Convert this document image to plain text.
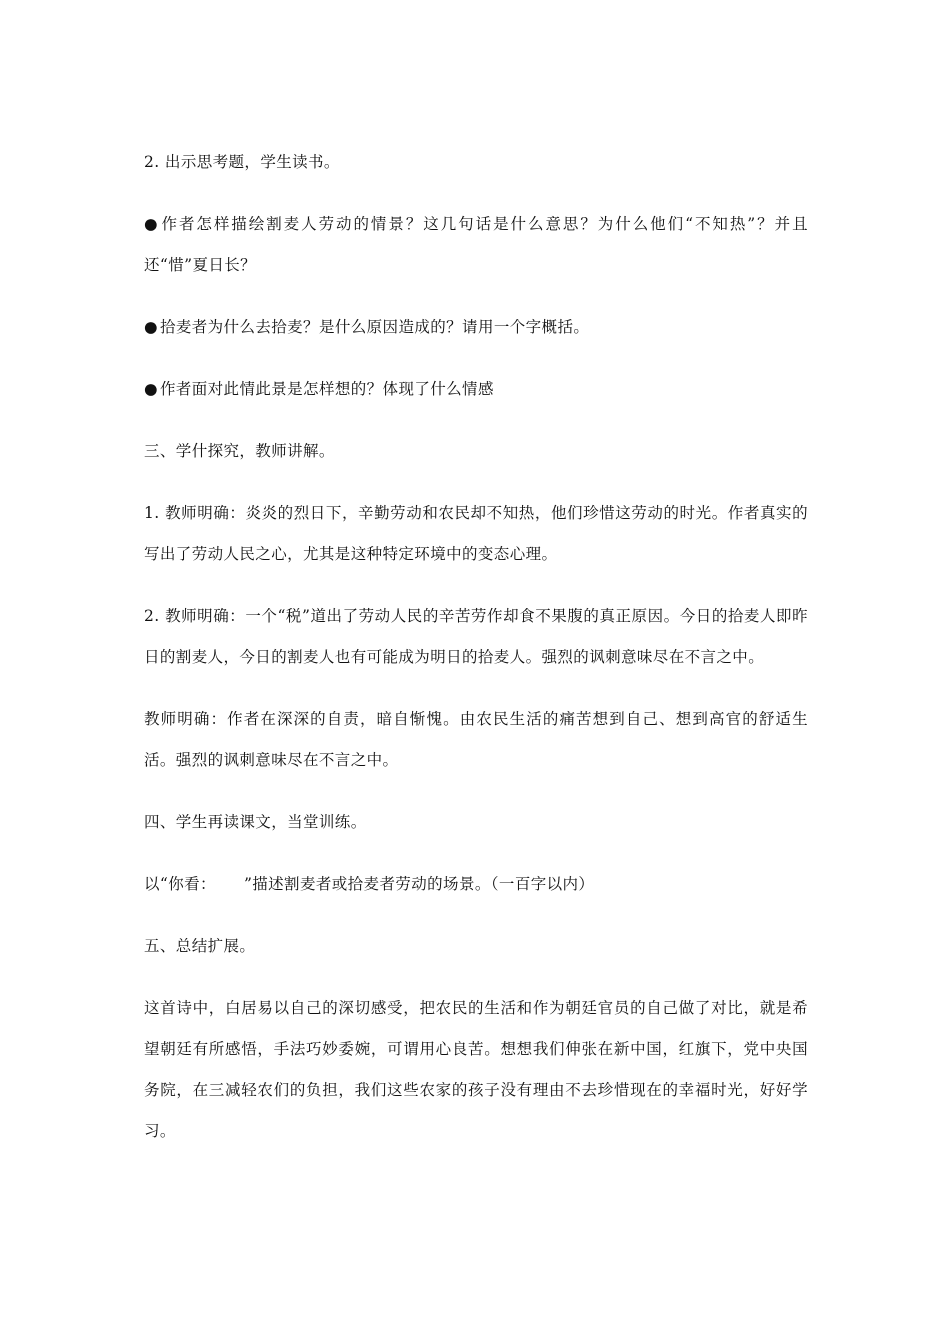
2. 出示思考题，学生读书。

● 作者怎样描绘割麦人劳动的情景？这几句话是什么意思？为什么他们“不知热”？并且还“惜”夏日长？

● 拾麦者为什么去拾麦？是什么原因造成的？请用一个字概括。

● 作者面对此情此景是怎样想的？体现了什么情感

三、学什探究，教师讲解。

1. 教师明确：炎炎的烈日下，辛勤劳动和农民却不知热，他们珍惜这劳动的时光。作者真实的写出了劳动人民之心，尤其是这种特定环境中的变态心理。

2. 教师明确：一个“税”道出了劳动人民的辛苦劳作却食不果腹的真正原因。今日的拾麦人即昨日的割麦人，今日的割麦人也有可能成为明日的拾麦人。强烈的讽刺意味尽在不言之中。

教师明确：作者在深深的自责，暗自惭愧。由农民生活的痛苦想到自己、想到高官的舒适生活。强烈的讽刺意味尽在不言之中。

四、学生再读课文，当堂训练。

以“你看： ”描述割麦者或拾麦者劳动的场景。（一百字以内）

五、总结扩展。

这首诗中，白居易以自己的深切感受，把农民的生活和作为朝廷官员的自己做了对比，就是希望朝廷有所感悟，手法巧妙委婉，可谓用心良苦。想想我们伸张在新中国，红旗下，党中央国务院，在三减轻农们的负担，我们这些农家的孩子没有理由不去珍惜现在的幸福时光，好好学习。
